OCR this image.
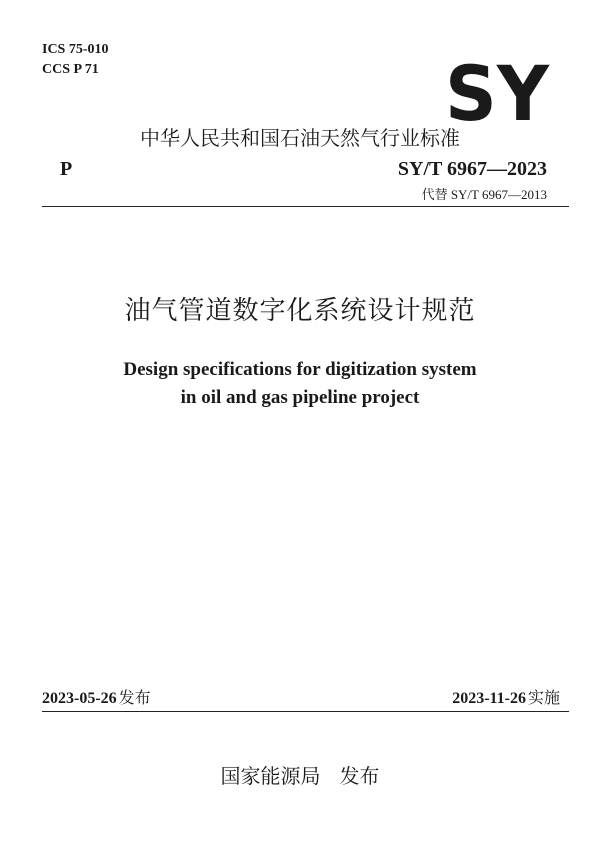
ICS 75-010
CCS P 71	SY
中华人民共和国石油天然气行业标准
P	SY/T 6967—2023
代替 SY/T 6967—2013
油气管道数字化系统设计规范
Design specifications for digitization system
in oil and gas pipeline project
2023-05-26 发布	2023-11-26 实施
国家能源局 发布
